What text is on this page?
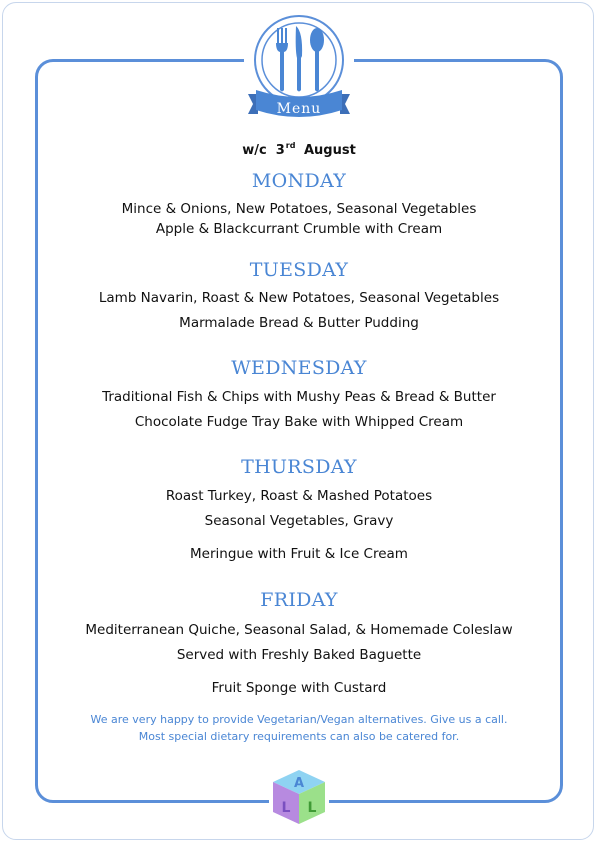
Menu
w/c 3rd August
MONDAY
Mince & Onions, New Potatoes, Seasonal Vegetables
Apple & Blackcurrant Crumble with Cream
TUESDAY
Lamb Navarin, Roast & New Potatoes, Seasonal Vegetables
Marmalade Bread & Butter Pudding
WEDNESDAY
Traditional Fish & Chips with Mushy Peas & Bread & Butter
Chocolate Fudge Tray Bake with Whipped Cream
THURSDAY
Roast Turkey, Roast & Mashed Potatoes
Seasonal Vegetables, Gravy
Meringue with Fruit & Ice Cream
FRIDAY
Mediterranean Quiche, Seasonal Salad, & Homemade Coleslaw
Served with Freshly Baked Baguette
Fruit Sponge with Custard
We are very happy to provide Vegetarian/Vegan alternatives. Give us a call.
Most special dietary requirements can also be catered for.
A
L L
